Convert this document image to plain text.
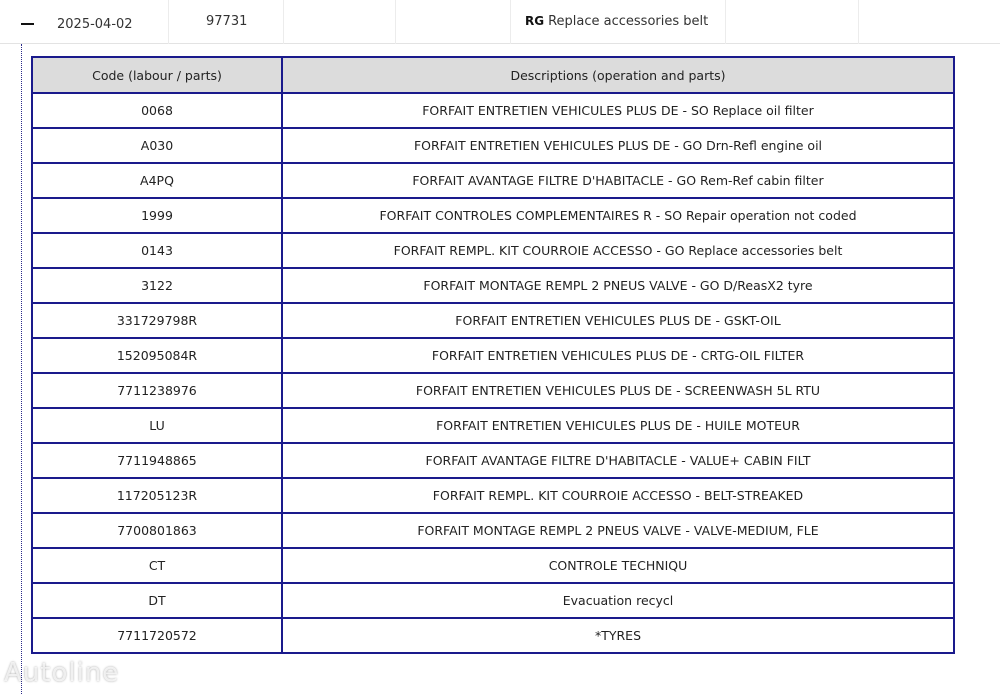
2025-04-02	97731	RG Replace accessories belt
Code (labour / parts)	Descriptions (operation and parts)
0068	FORFAIT ENTRETIEN VEHICULES PLUS DE - SO Replace oil filter
A030	FORFAIT ENTRETIEN VEHICULES PLUS DE - GO Drn-Refl engine oil
A4PQ	FORFAIT AVANTAGE FILTRE D'HABITACLE - GO Rem-Ref cabin filter
1999	FORFAIT CONTROLES COMPLEMENTAIRES R - SO Repair operation not coded
0143	FORFAIT REMPL. KIT COURROIE ACCESSO - GO Replace accessories belt
3122	FORFAIT MONTAGE REMPL 2 PNEUS VALVE - GO D/ReasX2 tyre
331729798R	FORFAIT ENTRETIEN VEHICULES PLUS DE - GSKT-OIL
152095084R	FORFAIT ENTRETIEN VEHICULES PLUS DE - CRTG-OIL FILTER
7711238976	FORFAIT ENTRETIEN VEHICULES PLUS DE - SCREENWASH 5L RTU
LU	FORFAIT ENTRETIEN VEHICULES PLUS DE - HUILE MOTEUR
7711948865	FORFAIT AVANTAGE FILTRE D'HABITACLE - VALUE+ CABIN FILT
117205123R	FORFAIT REMPL. KIT COURROIE ACCESSO - BELT-STREAKED
7700801863	FORFAIT MONTAGE REMPL 2 PNEUS VALVE - VALVE-MEDIUM, FLE
CT	CONTROLE TECHNIQU
DT	Evacuation recycl
7711720572	*TYRES
Autoline
